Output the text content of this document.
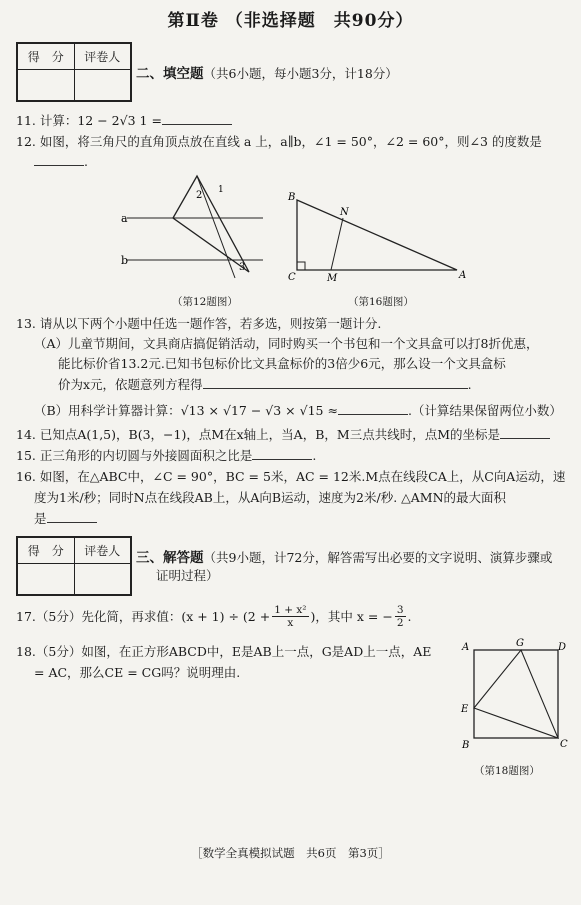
第Ⅱ卷 （非选择题　共90分）
得　分	评卷人

二、填空题（共6小题，每小题3分，计18分）
11. 计算：12 − 2√3 1 =
12. 如图，将三角尺的直角顶点放在直线 a 上，a∥b，∠1 = 50°，∠2 = 60°，则∠3 的度数是
.
a
b
2 1
3
（第12题图）
B
N
C	M	A
（第16题图）
13. 请从以下两个小题中任选一题作答，若多选，则按第一题计分.
（A）儿童节期间，文具商店搞促销活动，同时购买一个书包和一个文具盒可以打8折优惠，
能比标价省13.2元.已知书包标价比文具盒标价的3倍少6元，那么设一个文具盒标
价为x元，依题意列方程得	.
（B）用科学计算器计算：√13 × √17 − √3 × √15 ≈	.（计算结果保留两位小数）
14. 已知点A(1,5)，B(3，−1)，点M在x轴上，当A，B，M三点共线时，点M的坐标是
15. 正三角形的内切圆与外接圆面积之比是	.
16. 如图，在△ABC中，∠C = 90°，BC = 5米，AC = 12米.M点在线段CA上，从C向A运动，速
度为1米/秒；同时N点在线段AB上，从A向B运动，速度为2米/秒. △AMN的最大面积
是
得　分	评卷人
	三、解答题（共9小题，计72分，解答需写出必要的文字说明、演算步骤或
证明过程）
17.（5分）先化简，再求值：$(x + 1) \div (2 + \frac{\text{1 + x²}}{x}$ )，其中 x = − $\frac{3}{2}$ .
18.（5分）如图，在正方形ABCD中，E是AB上一点，G是AD上一点，AE
= AC，那么CE = CG吗？说明理由.
A	G	D
E
B	C
（第18题图）
［数学全真模拟试题　共6页　第3页］
